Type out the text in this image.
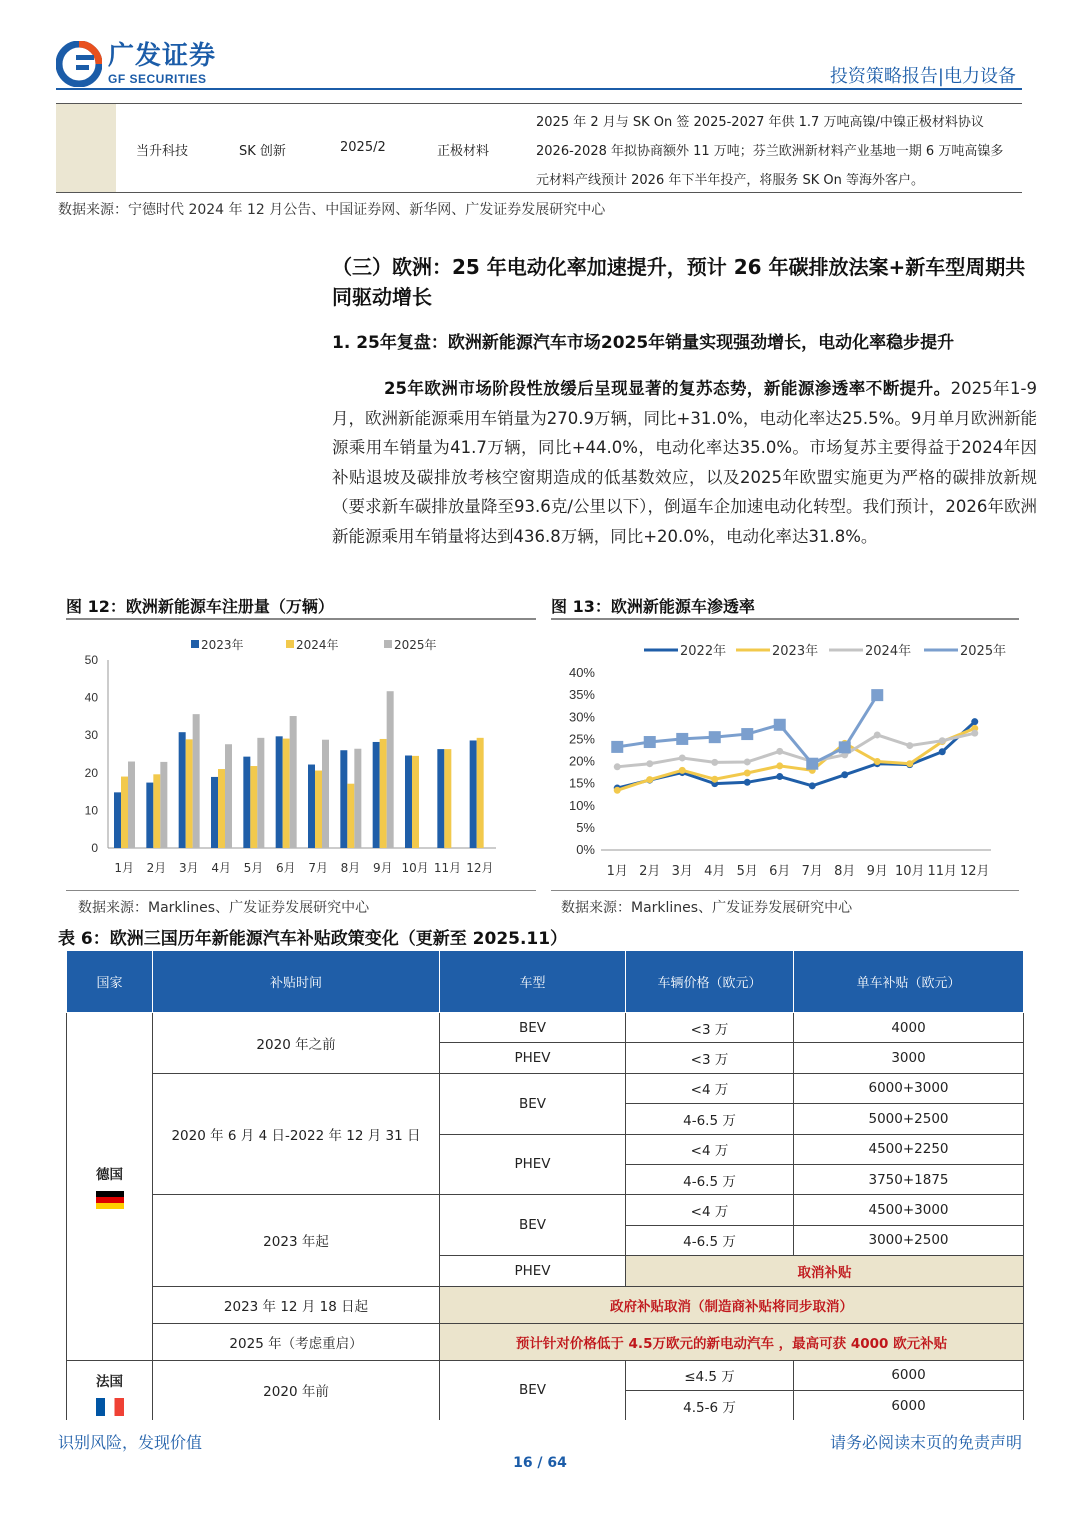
广发证券
GF SECURITIES	投资策略报告|电力设备
当升科技	SK 创新	2025/2	正极材料
2025 年 2 月与 SK On 签 2025-2027 年供 1.7 万吨高镍/中镍正极材料协议 2026-2028 年拟协商额外 11 万吨；芬兰欧洲新材料产业基地一期 6 万吨高镍多元材料产线预计 2026 年下半年投产，将服务 SK On 等海外客户。
数据来源：宁德时代 2024 年 12 月公告、中国证券网、新华网、广发证券发展研究中心
（三）欧洲：25 年电动化率加速提升，预计 26 年碳排放法案+新车型周期共同驱动增长
1. 25年复盘：欧洲新能源汽车市场2025年销量实现强劲增长，电动化率稳步提升
25年欧洲市场阶段性放缓后呈现显著的复苏态势，新能源渗透率不断提升。2025年1-9月，欧洲新能源乘用车销量为270.9万辆，同比+31.0%，电动化率达25.5%。9月单月欧洲新能源乘用车销量为41.7万辆，同比+44.0%，电动化率达35.0%。市场复苏主要得益于2024年因补贴退坡及碳排放考核空窗期造成的低基数效应，以及2025年欧盟实施更为严格的碳排放新规（要求新车碳排放量降至93.6克/公里以下），倒逼车企加速电动化转型。我们预计，2026年欧洲新能源乘用车销量将达到436.8万辆，同比+20.0%，电动化率达31.8%。
图 12：欧洲新能源车注册量（万辆）
0
10
20
30
40
50
1月 2月 3月 4月 5月 6月 7月 8月 9月 10月 11月 12月
2023年	2024年	2025年
数据来源：Marklines、广发证券发展研究中心
图 13：欧洲新能源车渗透率
0%
5%
10%
15%
20%
25%
30%
35%
40%
1月 2月 3月 4月 5月 6月 7月 8月 9月 10月 11月 12月
2022年	2023年	2024年	2025年
数据来源：Marklines、广发证券发展研究中心
表 6：欧洲三国历年新能源汽车补贴政策变化（更新至 2025.11）
国家	补贴时间	车型	车辆价格（欧元）	单车补贴（欧元）
德国	2020 年之前	BEV	<3 万	4000
		PHEV	<3 万	3000
	2020 年 6 月 4 日-2022 年 12 月 31 日	BEV	<4 万	6000+3000
			4-6.5 万	5000+2500
		PHEV	<4 万	4500+2250
			4-6.5 万	3750+1875
	2023 年起	BEV	<4 万	4500+3000
			4-6.5 万	3000+2500
		PHEV	取消补贴	
	2023 年 12 月 18 日起	政府补贴取消（制造商补贴将同步取消）		
	2025 年（考虑重启）	预计针对价格低于 4.5万欧元的新电动汽车 ，最高可获 4000 欧元补贴		
法国	2020 年前	BEV	≤4.5 万	6000
			4.5-6 万	6000
识别风险，发现价值	请务必阅读末页的免责声明
16 / 64
